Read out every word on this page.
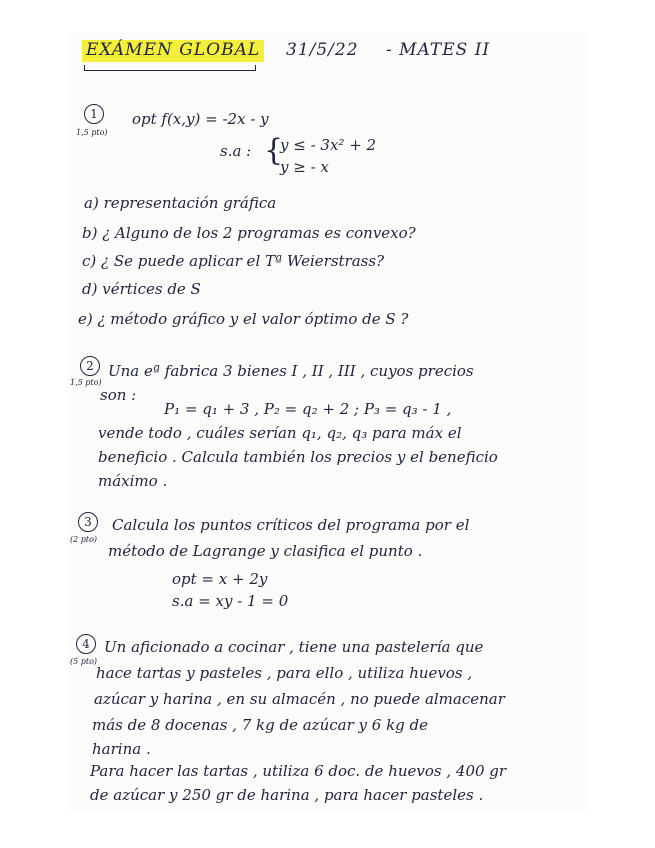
EXÁMEN GLOBAL 31/5/22 - MATES II
1
1,5 pto)
opt f(x,y) = -2x - y
s.a : {
y ≤ - 3x² + 2
y ≥ - x
a) representación gráfica
b) ¿ Alguno de los 2 programas es convexo?
c) ¿ Se puede aplicar el Tª Weierstrass?
d) vértices de S
e) ¿ método gráfico y el valor óptimo de S ?
2
1,5 pto)
Una eª fabrica 3 bienes I , II , III , cuyos precios
son :
P₁ = q₁ + 3 , P₂ = q₂ + 2 ; P₃ = q₃ - 1 ,
vende todo , cuáles serían q₁, q₂, q₃ para máx el
beneficio . Calcula también los precios y el beneficio
máximo .
3
(2 pto)
Calcula los puntos críticos del programa por el
método de Lagrange y clasifica el punto .
opt = x + 2y
s.a = xy - 1 = 0
4
(5 pto)
Un aficionado a cocinar , tiene una pastelería que
hace tartas y pasteles , para ello , utiliza huevos ,
azúcar y harina , en su almacén , no puede almacenar
más de 8 docenas , 7 kg de azúcar y 6 kg de
harina .
Para hacer las tartas , utiliza 6 doc. de huevos , 400 gr
de azúcar y 250 gr de harina , para hacer pasteles .
